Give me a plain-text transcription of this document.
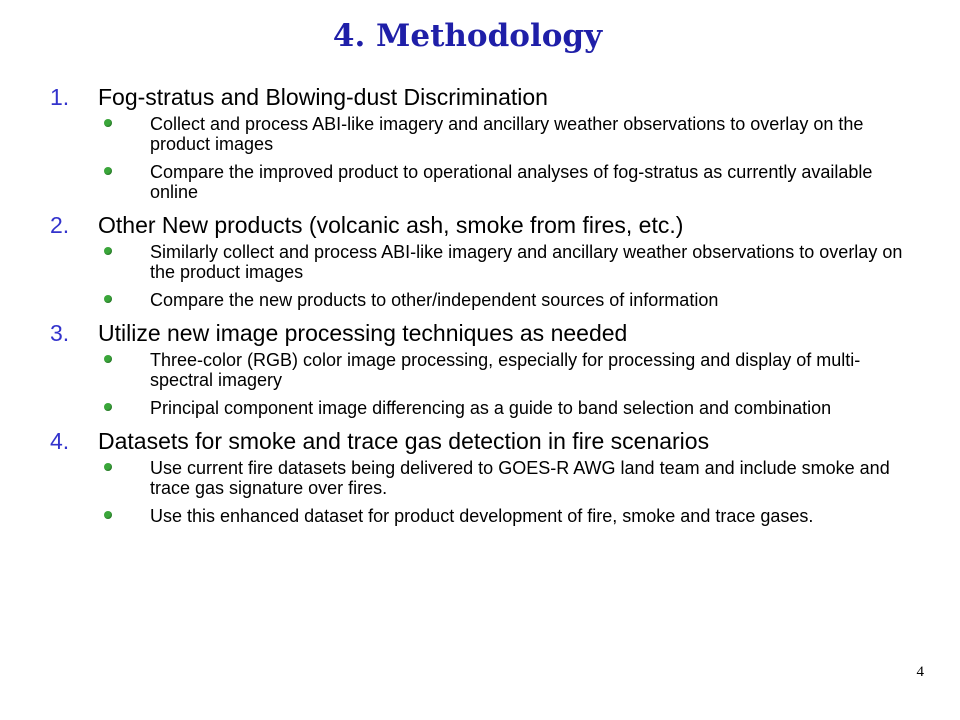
4. Methodology
1.	Fog-stratus and Blowing-dust Discrimination
Collect and process ABI-like imagery and ancillary weather observations to overlay on the product images
Compare the improved product to operational analyses of fog-stratus as currently available online
2.	Other New products (volcanic ash, smoke from fires, etc.)
Similarly collect and process ABI-like imagery and ancillary weather observations to overlay on the product images
Compare the new products to other/independent sources of information
3.	Utilize new image processing techniques as needed
Three-color (RGB) color image processing, especially for processing and display of multi-spectral imagery
Principal component image differencing as a guide to band selection and combination
4.	Datasets for smoke and trace gas detection in fire scenarios
Use current fire datasets being delivered to GOES-R AWG land team and include smoke and trace gas signature over fires.
Use this enhanced dataset for product development of fire, smoke and trace gases.
4
